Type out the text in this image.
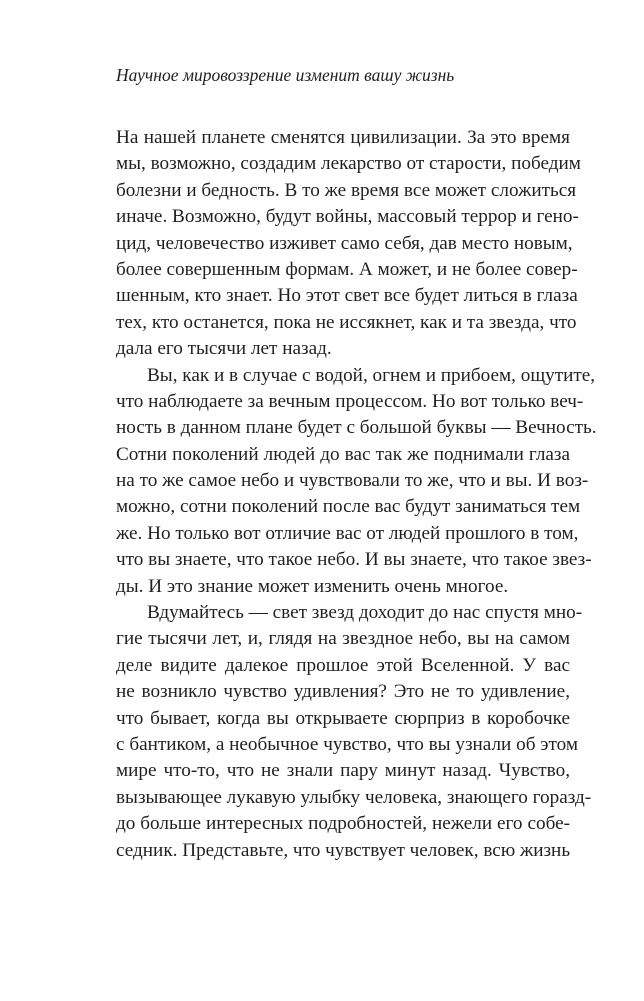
Научное мировоззрение изменит вашу жизнь

На нашей планете сменятся цивилизации. За это время
мы, возможно, создадим лекарство от старости, победим
болезни и бедность. В то же время все может сложиться
иначе. Возможно, будут войны, массовый террор и гено-
цид, человечество изживет само себя, дав место новым,
более совершенным формам. А может, и не более совер-
шенным, кто знает. Но этот свет все будет литься в глаза
тех, кто останется, пока не иссякнет, как и та звезда, что
дала его тысячи лет назад.

Вы, как и в случае с водой, огнем и прибоем, ощутите,
что наблюдаете за вечным процессом. Но вот только веч-
ность в данном плане будет с большой буквы — Вечность.
Сотни поколений людей до вас так же поднимали глаза
на то же самое небо и чувствовали то же, что и вы. И воз-
можно, сотни поколений после вас будут заниматься тем
же. Но только вот отличие вас от людей прошлого в том,
что вы знаете, что такое небо. И вы знаете, что такое звез-
ды. И это знание может изменить очень многое.

Вдумайтесь — свет звезд доходит до нас спустя мно-
гие тысячи лет, и, глядя на звездное небо, вы на самом
деле видите далекое прошлое этой Вселенной. У вас
не возникло чувство удивления? Это не то удивление,
что бывает, когда вы открываете сюрприз в коробочке
с бантиком, а необычное чувство, что вы узнали об этом
мире что-то, что не знали пару минут назад. Чувство,
вызывающее лукавую улыбку человека, знающего горазд-
до больше интересных подробностей, нежели его собе-
седник. Представьте, что чувствует человек, всю жизнь
